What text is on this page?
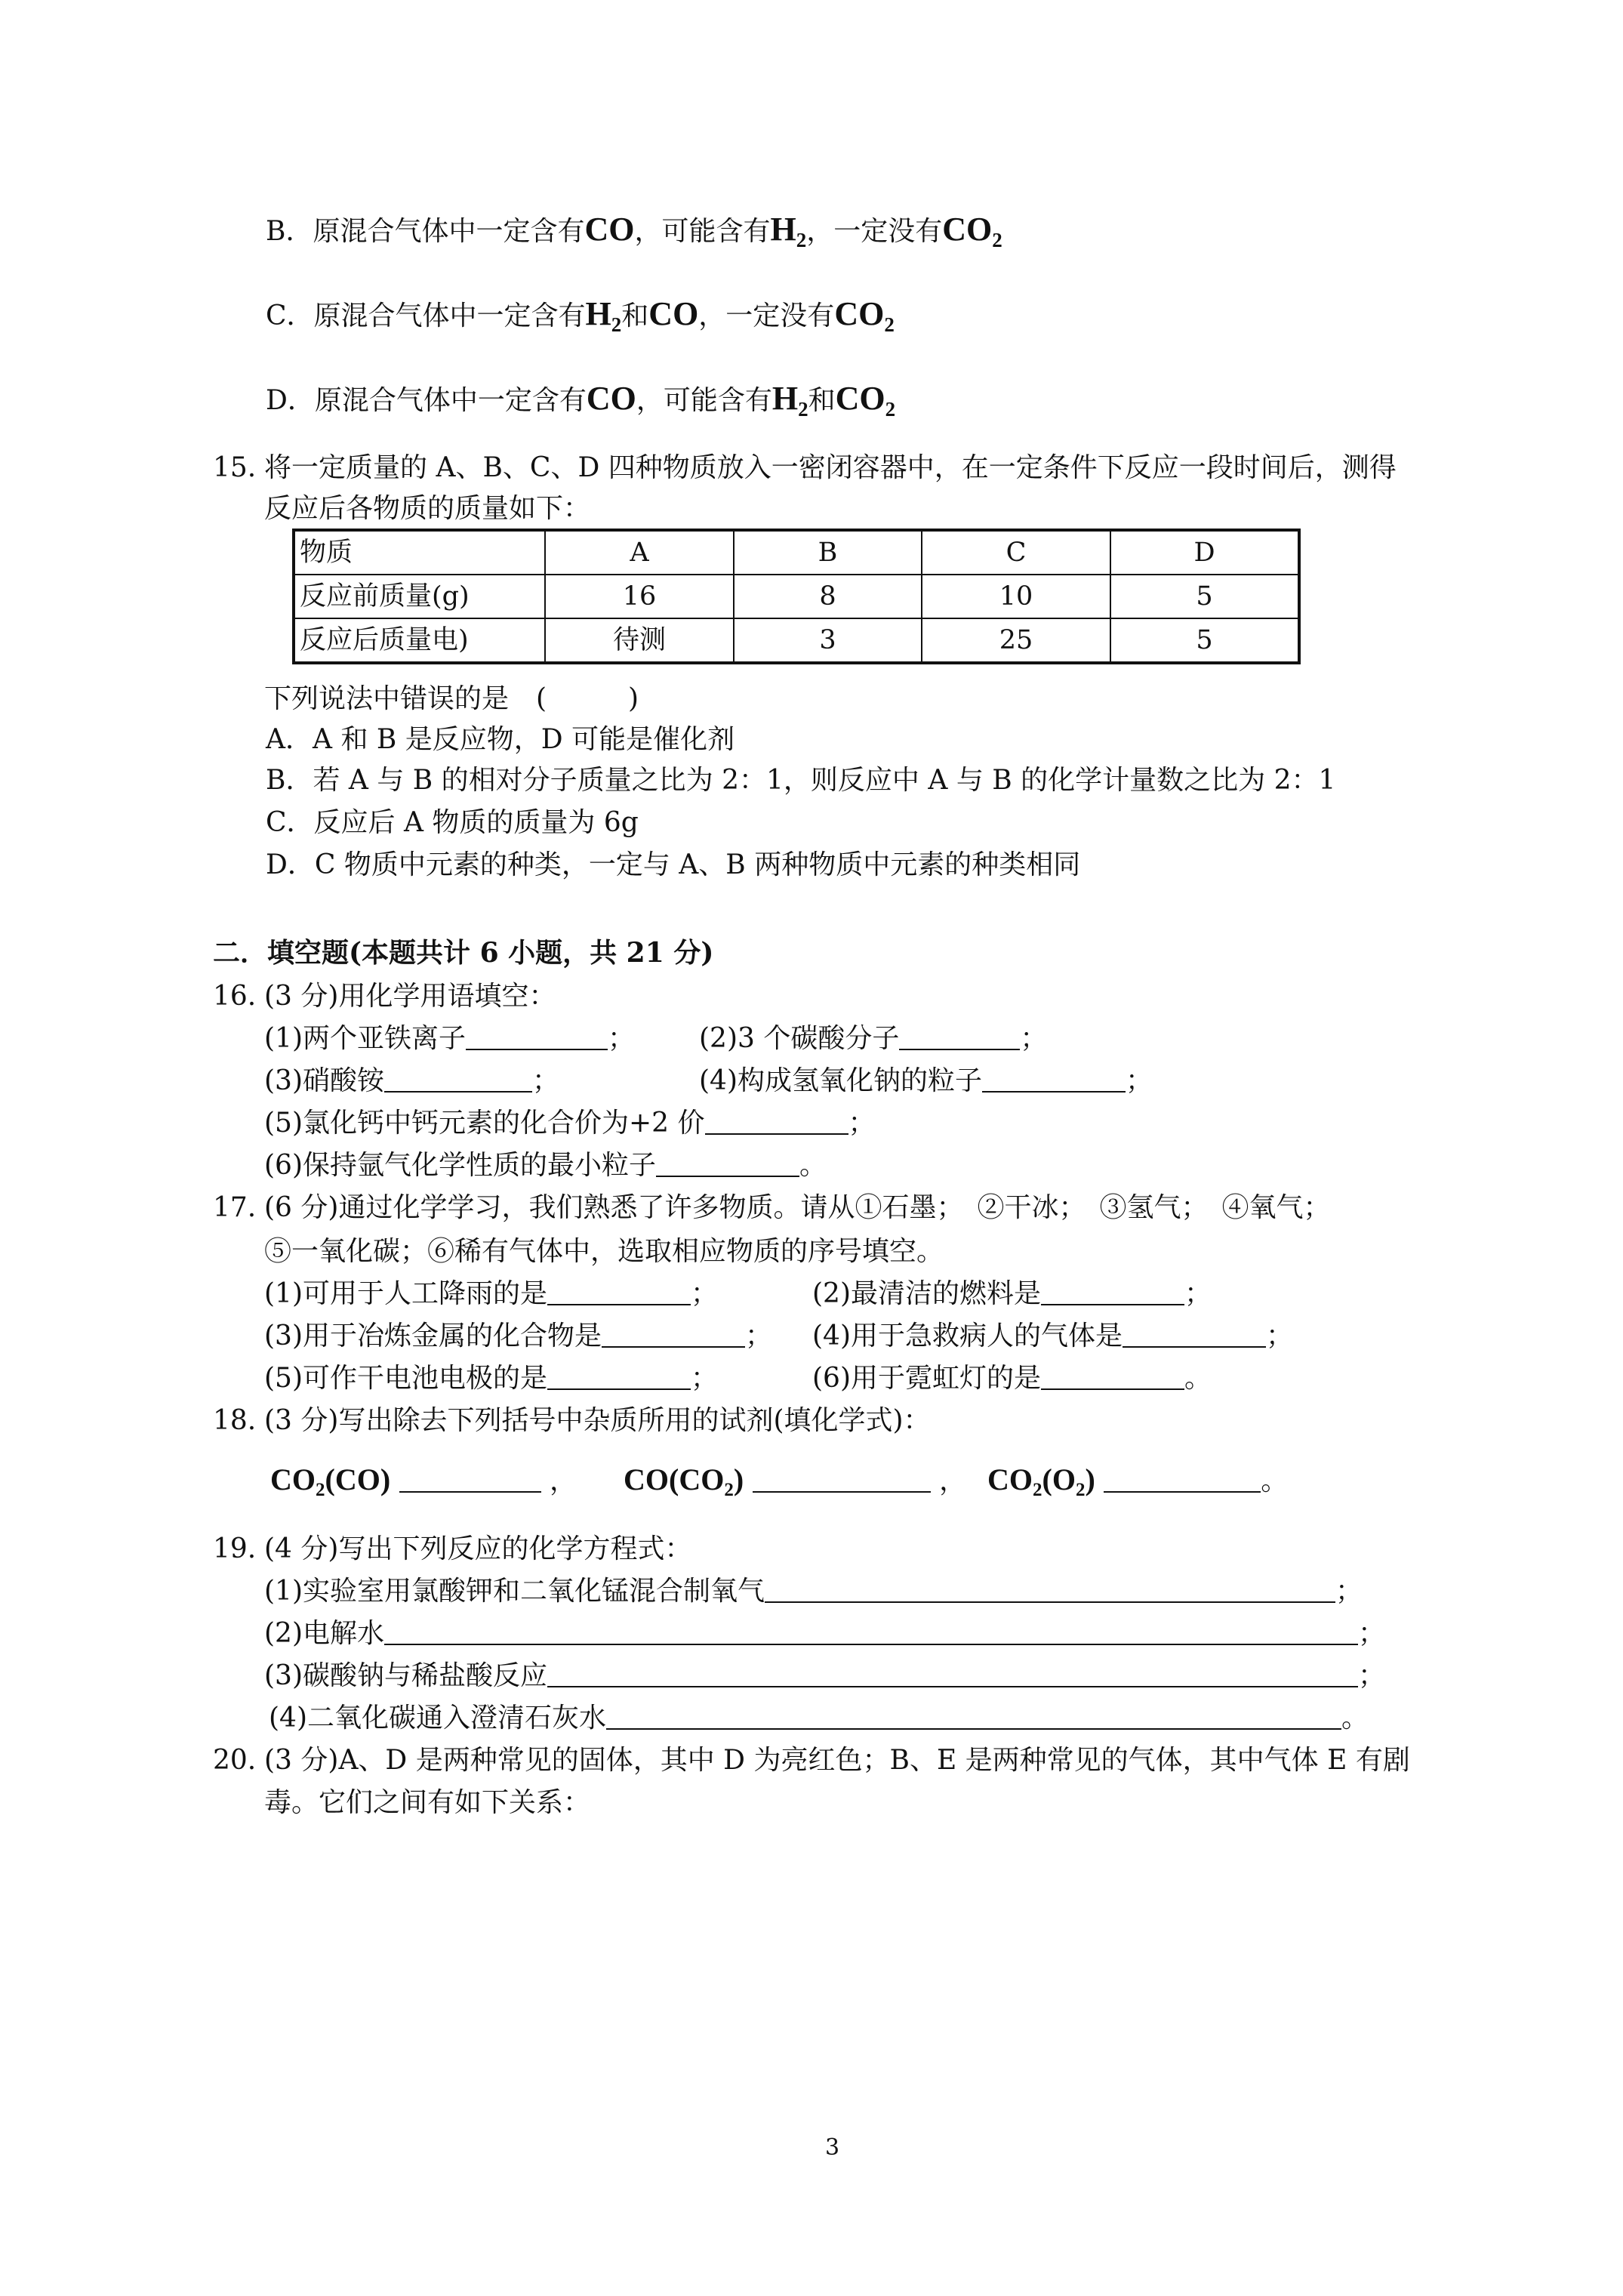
B．原混合气体中一定含有CO，可能含有$H_2$，一定没有$CO_2$
C．原混合气体中一定含有$H_2$和CO，一定没有$CO_2$
D．原混合气体中一定含有CO，可能含有$H_2$和$CO_2$
15. 将一定质量的 A、B、C、D 四种物质放入一密闭容器中，在一定条件下反应一段时间后，测得
反应后各物质的质量如下：
物质	A	B	C	D
反应前质量(g)	16	8	10	5
反应后质量电)	待测	3	25	5
下列说法中错误的是　(　　　)
A．A 和 B 是反应物，D 可能是催化剂
B．若 A 与 B 的相对分子质量之比为 2：1，则反应中 A 与 B 的化学计量数之比为 2：1
C．反应后 A 物质的质量为 6g
D．C 物质中元素的种类，一定与 A、B 两种物质中元素的种类相同
二．填空题(本题共计 6 小题，共 21 分)
16. (3 分)用化学用语填空：
(1)两个亚铁离子	； (2)3 个碳酸分子	；
(3)硝酸铵	；	(4)构成氢氧化钠的粒子	；
(5)氯化钙中钙元素的化合价为+2 价	；
(6)保持氩气化学性质的最小粒子	。
17. (6 分)通过化学学习，我们熟悉了许多物质。请从①石墨；　②干冰；　③氢气；　④氧气；
⑤一氧化碳；⑥稀有气体中，选取相应物质的序号填空。
(1)可用于人工降雨的是	；	(2)最清洁的燃料是	；
(3)用于冶炼金属的化合物是	； (4)用于急救病人的气体是	；
(5)可作干电池电极的是	；	(6)用于霓虹灯的是	。
18. (3 分)写出除去下列括号中杂质所用的试剂(填化学式)：
$CO_2(CO)$	， $CO(CO_2)$	， $CO_2(O_2)$	。
19. (4 分)写出下列反应的化学方程式：
(1)实验室用氯酸钾和二氧化锰混合制氧气	；
(2)电解水	；
(3)碳酸钠与稀盐酸反应	；
(4)二氧化碳通入澄清石灰水	。
20. (3 分)A、D 是两种常见的固体，其中 D 为亮红色；B、E 是两种常见的气体，其中气体 E 有剧
毒。它们之间有如下关系：
3
